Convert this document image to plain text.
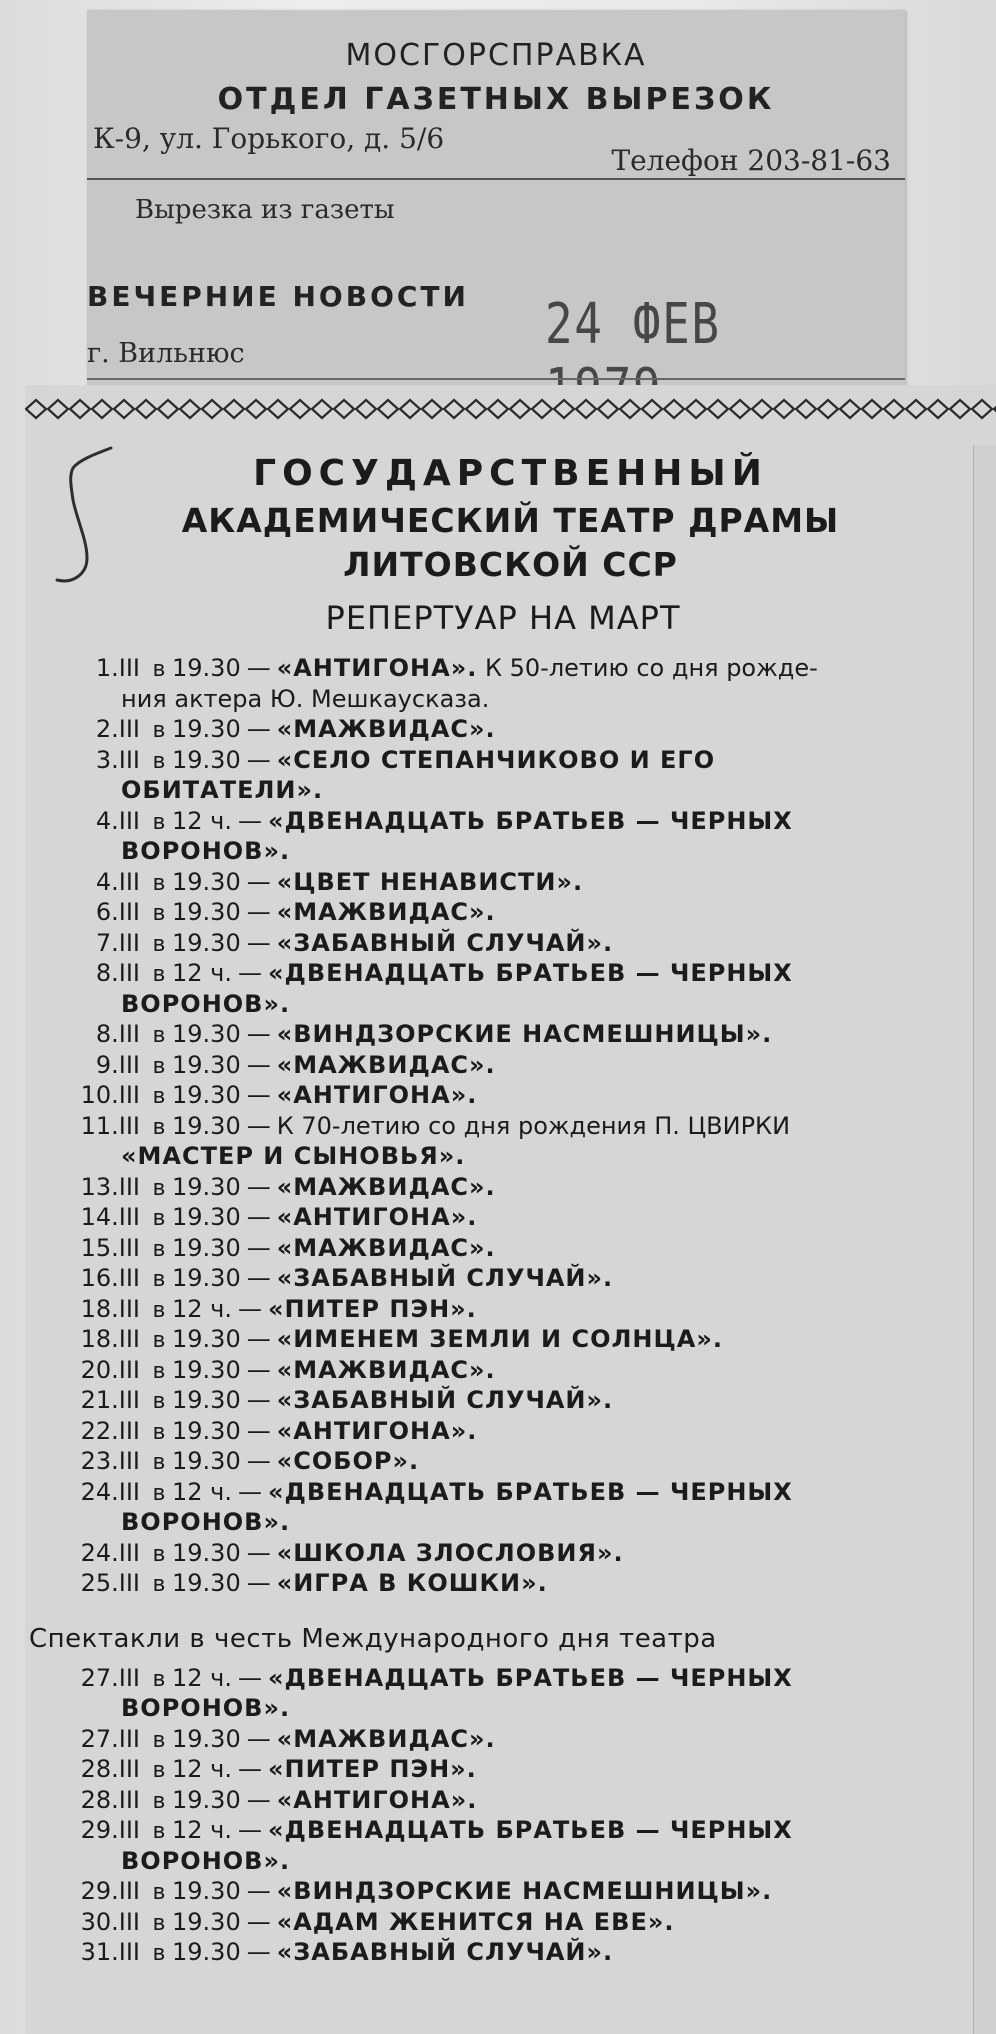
МОСГОРСПРАВКА
ОТДЕЛ ГАЗЕТНЫХ ВЫРЕЗОК
К-9, ул. Горького, д. 5/6
Телефон 203-81-63
Вырезка из газеты
ВЕЧЕРНИЕ НОВОСТИ 24 ФЕВ
г. Вильнюс
ГОСУДАРСТВЕННЫЙ
АКАДЕМИЧЕСКИЙ ТЕАТР ДРАМЫ
ЛИТОВСКОЙ ССР
РЕПЕРТУАР НА МАРТ
1.III в 19.30 — «АНТИГОНА». К 50-летию со дня рожде-
ния актера Ю. Мешкаусказа.
2.III в 19.30 — «МАЖВИДАС».
3.III в 19.30 — «СЕЛО СТЕПАНЧИКОВО И ЕГО
ОБИТАТЕЛИ».
4.III в 12 ч. — «ДВЕНАДЦАТЬ БРАТЬЕВ — ЧЕРНЫХ
ВОРОНОВ».
4.III в 19.30 — «ЦВЕТ НЕНАВИСТИ».
6.III в 19.30 — «МАЖВИДАС».
7.III в 19.30 — «ЗАБАВНЫЙ СЛУЧАЙ».
8.III в 12 ч. — «ДВЕНАДЦАТЬ БРАТЬЕВ — ЧЕРНЫХ
ВОРОНОВ».
8.III в 19.30 — «ВИНДЗОРСКИЕ НАСМЕШНИЦЫ».
9.III в 19.30 — «МАЖВИДАС».
10.III в 19.30 — «АНТИГОНА».
11.III в 19.30 — К 70-летию со дня рождения П. ЦВИРКИ
«МАСТЕР И СЫНОВЬЯ».
13.III в 19.30 — «МАЖВИДАС».
14.III в 19.30 — «АНТИГОНА».
15.III в 19.30 — «МАЖВИДАС».
16.III в 19.30 — «ЗАБАВНЫЙ СЛУЧАЙ».
18.III в 12 ч. — «ПИТЕР ПЭН».
18.III в 19.30 — «ИМЕНЕМ ЗЕМЛИ И СОЛНЦА».
20.III в 19.30 — «МАЖВИДАС».
21.III в 19.30 — «ЗАБАВНЫЙ СЛУЧАЙ».
22.III в 19.30 — «АНТИГОНА».
23.III в 19.30 — «СОБОР».
24.III в 12 ч. — «ДВЕНАДЦАТЬ БРАТЬЕВ — ЧЕРНЫХ
ВОРОНОВ».
24.III в 19.30 — «ШКОЛА ЗЛОСЛОВИЯ».
25.III в 19.30 — «ИГРА В КОШКИ».
Спектакли в честь Международного дня театра
27.III в 12 ч. — «ДВЕНАДЦАТЬ БРАТЬЕВ — ЧЕРНЫХ
ВОРОНОВ».
27.III в 19.30 — «МАЖВИДАС».
28.III в 12 ч. — «ПИТЕР ПЭН».
28.III в 19.30 — «АНТИГОНА».
29.III в 12 ч. — «ДВЕНАДЦАТЬ БРАТЬЕВ — ЧЕРНЫХ
ВОРОНОВ».
29.III в 19.30 — «ВИНДЗОРСКИЕ НАСМЕШНИЦЫ».
30.III в 19.30 — «АДАМ ЖЕНИТСЯ НА ЕВЕ».
31.III в 19.30 — «ЗАБАВНЫЙ СЛУЧАЙ».
